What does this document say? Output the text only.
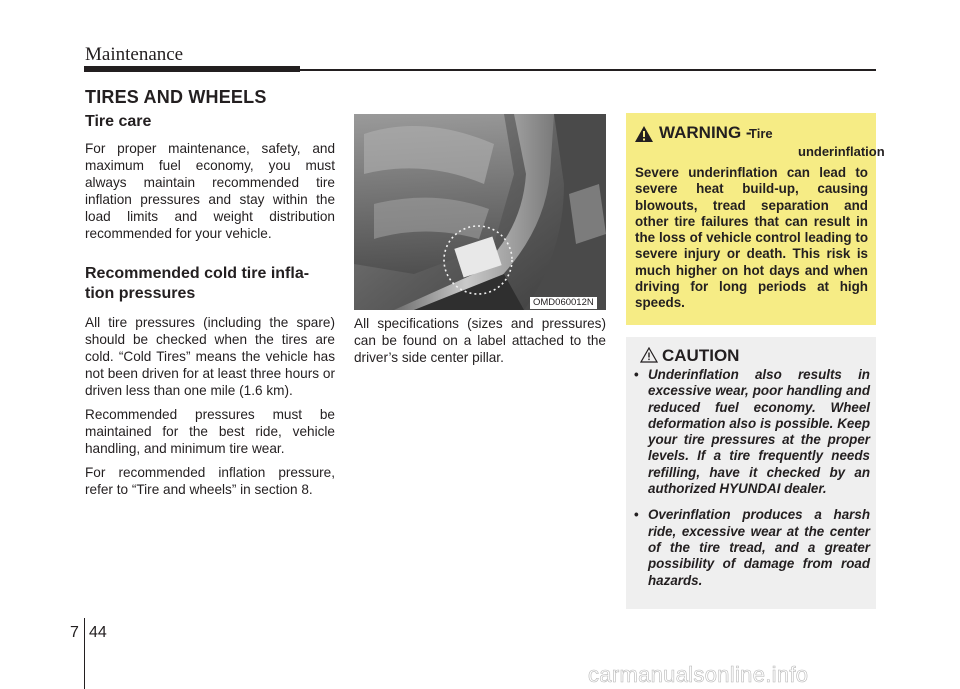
Maintenance
TIRES AND WHEELS
Tire care

For proper maintenance, safety, and maximum fuel economy, you must always maintain recommended tire inflation pressures and stay within the load limits and weight distribution recommended for your vehicle.

Recommended cold tire infla-
tion pressures

All tire pressures (including the spare) should be checked when the tires are cold. “Cold Tires” means the vehicle has not been driven for at least three hours or driven less than one mile (1.6 km).

Recommended pressures must be maintained for the best ride, vehicle handling, and minimum tire wear.

For recommended inflation pressure, refer to “Tire and wheels” in section 8.

OMD060012N
All specifications (sizes and pressures) can be found on a label attached to the driver’s side center pillar.
WARNING -
Tire
underinflation
Severe underinflation can lead to severe heat build-up, causing blowouts, tread separation and other tire failures that can result in the loss of vehicle control leading to severe injury or death. This risk is much higher on hot days and when driving for long periods at high speeds.
CAUTION
• Underinflation also results in excessive wear, poor handling and reduced fuel economy. Wheel deformation also is possible. Keep your tire pressures at the proper levels. If a tire frequently needs refilling, have it checked by an authorized HYUNDAI dealer.
• Overinflation produces a harsh ride, excessive wear at the center of the tire tread, and a greater possibility of damage from road hazards.
7 44
carmanualsonline.info
